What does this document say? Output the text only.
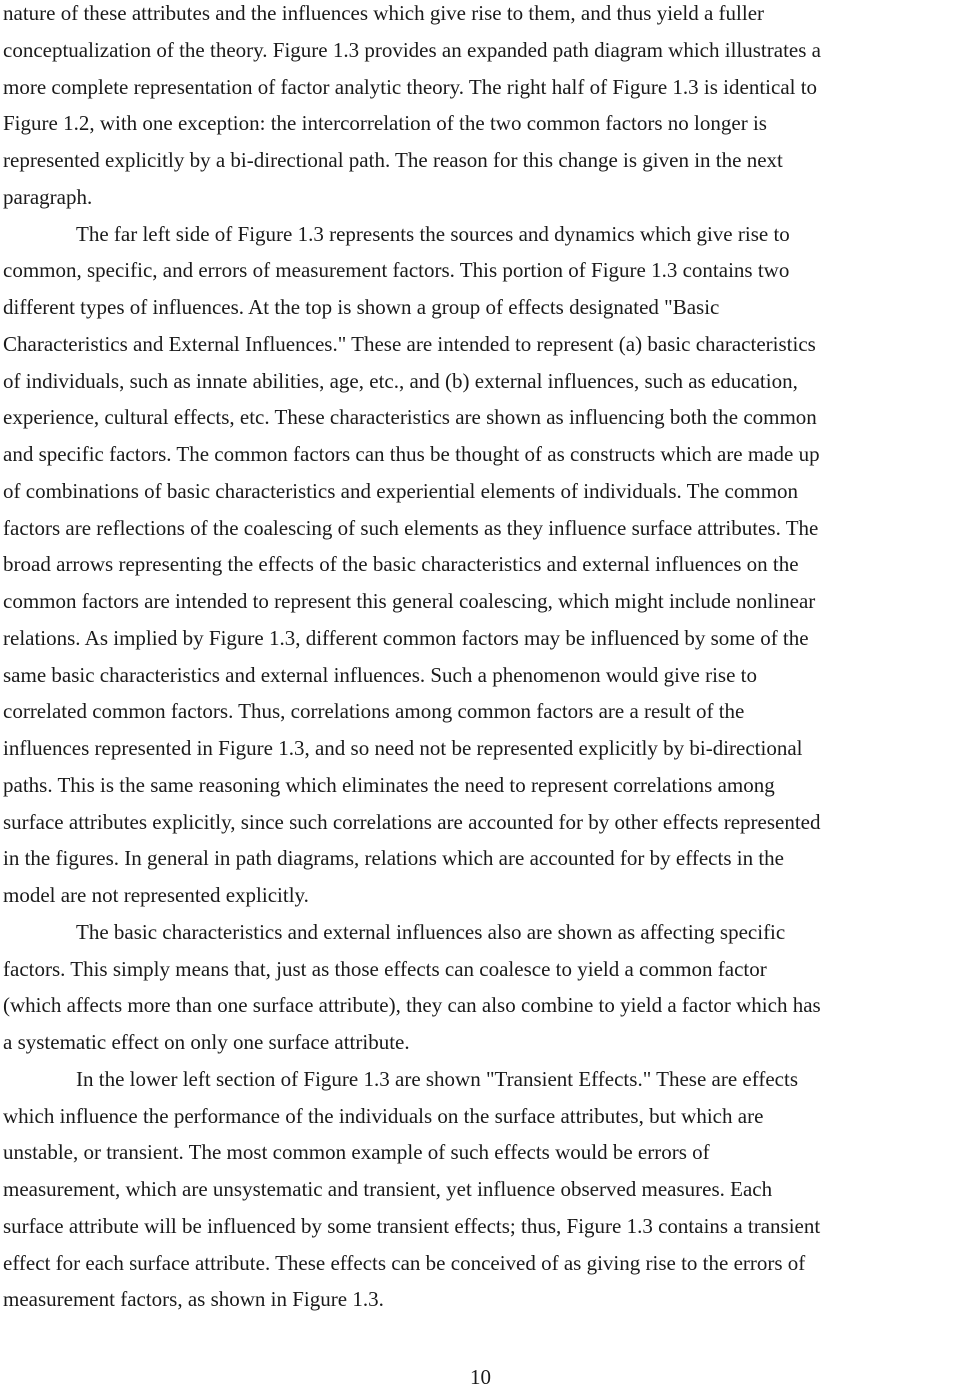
nature of these attributes and the influences which give rise to them, and thus yield a fuller
conceptualization of the theory. Figure 1.3 provides an expanded path diagram which illustrates a
more complete representation of factor analytic theory. The right half of Figure 1.3 is identical to
Figure 1.2, with one exception: the intercorrelation of the two common factors no longer is
represented explicitly by a bi-directional path. The reason for this change is given in the next
paragraph.
The far left side of Figure 1.3 represents the sources and dynamics which give rise to
common, specific, and errors of measurement factors. This portion of Figure 1.3 contains two
different types of influences. At the top is shown a group of effects designated "Basic
Characteristics and External Influences." These are intended to represent (a) basic characteristics
of individuals, such as innate abilities, age, etc., and (b) external influences, such as education,
experience, cultural effects, etc. These characteristics are shown as influencing both the common
and specific factors. The common factors can thus be thought of as constructs which are made up
of combinations of basic characteristics and experiential elements of individuals. The common
factors are reflections of the coalescing of such elements as they influence surface attributes. The
broad arrows representing the effects of the basic characteristics and external influences on the
common factors are intended to represent this general coalescing, which might include nonlinear
relations. As implied by Figure 1.3, different common factors may be influenced by some of the
same basic characteristics and external influences. Such a phenomenon would give rise to
correlated common factors. Thus, correlations among common factors are a result of the
influences represented in Figure 1.3, and so need not be represented explicitly by bi-directional
paths. This is the same reasoning which eliminates the need to represent correlations among
surface attributes explicitly, since such correlations are accounted for by other effects represented
in the figures. In general in path diagrams, relations which are accounted for by effects in the
model are not represented explicitly.
The basic characteristics and external influences also are shown as affecting specific
factors. This simply means that, just as those effects can coalesce to yield a common factor
(which affects more than one surface attribute), they can also combine to yield a factor which has
a systematic effect on only one surface attribute.
In the lower left section of Figure 1.3 are shown "Transient Effects." These are effects
which influence the performance of the individuals on the surface attributes, but which are
unstable, or transient. The most common example of such effects would be errors of
measurement, which are unsystematic and transient, yet influence observed measures. Each
surface attribute will be influenced by some transient effects; thus, Figure 1.3 contains a transient
effect for each surface attribute. These effects can be conceived of as giving rise to the errors of
measurement factors, as shown in Figure 1.3.
10
